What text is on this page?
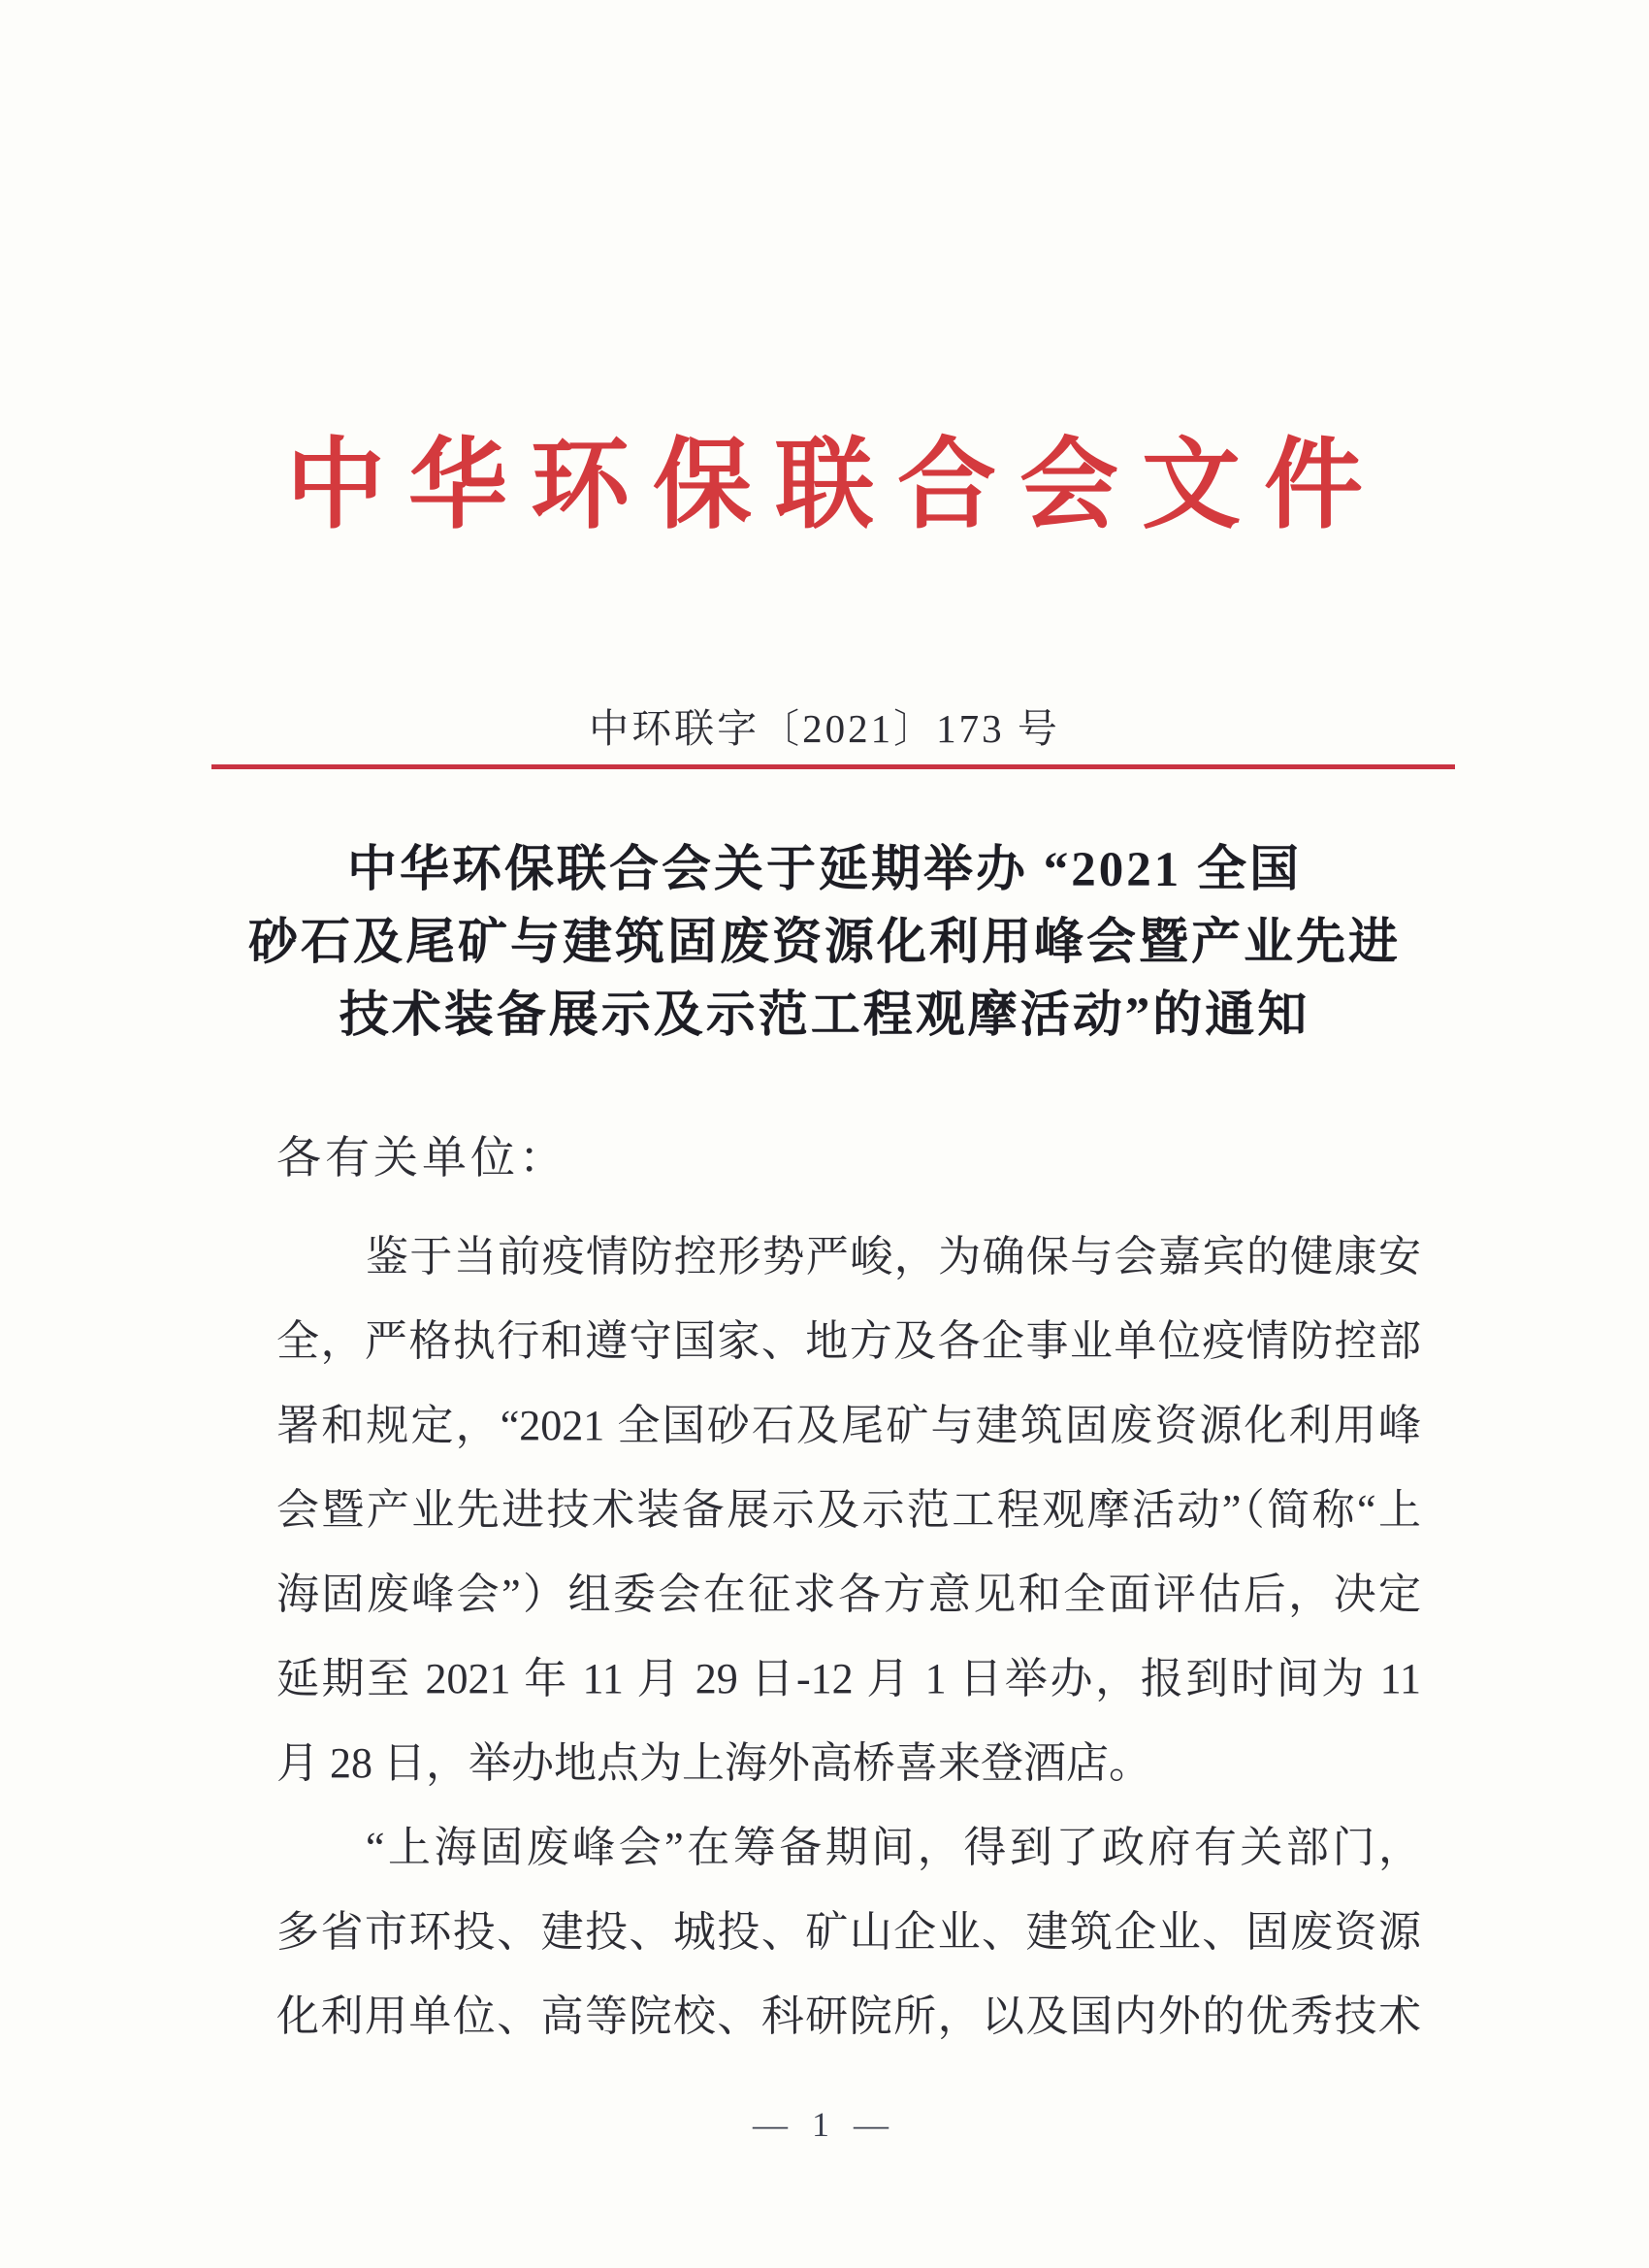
中华环保联合会文件
中环联字〔2021〕173 号
中华环保联合会关于延期举办 “2021 全国
砂石及尾矿与建筑固废资源化利用峰会暨产业先进
技术装备展示及示范工程观摩活动”的通知
各有关单位：
鉴于当前疫情防控形势严峻，为确保与会嘉宾的健康安
全，严格执行和遵守国家、地方及各企事业单位疫情防控部
署和规定，“2021 全国砂石及尾矿与建筑固废资源化利用峰
会暨产业先进技术装备展示及示范工程观摩活动”（简称“上
海固废峰会”）组委会在征求各方意见和全面评估后，决定
延期至 2021 年 11 月 29 日-12 月 1 日举办，报到时间为 11
月 28 日，举办地点为上海外高桥喜来登酒店。
“上海固废峰会”在筹备期间，得到了政府有关部门，
多省市环投、建投、城投、矿山企业、建筑企业、固废资源
化利用单位、高等院校、科研院所，以及国内外的优秀技术
— 1 —
